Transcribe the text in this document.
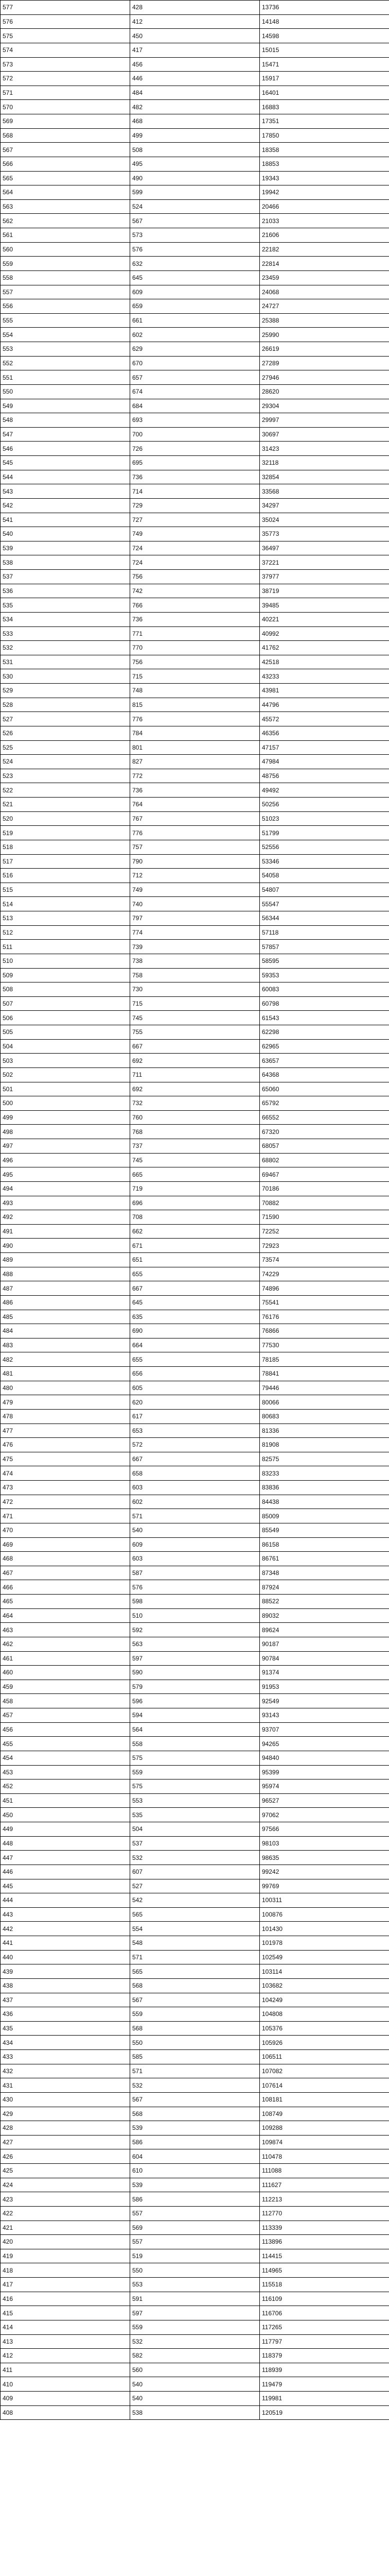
577	428	13736
576	412	14148
575	450	14598
574	417	15015
573	456	15471
572	446	15917
571	484	16401
570	482	16883
569	468	17351
568	499	17850
567	508	18358
566	495	18853
565	490	19343
564	599	19942
563	524	20466
562	567	21033
561	573	21606
560	576	22182
559	632	22814
558	645	23459
557	609	24068
556	659	24727
555	661	25388
554	602	25990
553	629	26619
552	670	27289
551	657	27946
550	674	28620
549	684	29304
548	693	29997
547	700	30697
546	726	31423
545	695	32118
544	736	32854
543	714	33568
542	729	34297
541	727	35024
540	749	35773
539	724	36497
538	724	37221
537	756	37977
536	742	38719
535	766	39485
534	736	40221
533	771	40992
532	770	41762
531	756	42518
530	715	43233
529	748	43981
528	815	44796
527	776	45572
526	784	46356
525	801	47157
524	827	47984
523	772	48756
522	736	49492
521	764	50256
520	767	51023
519	776	51799
518	757	52556
517	790	53346
516	712	54058
515	749	54807
514	740	55547
513	797	56344
512	774	57118
511	739	57857
510	738	58595
509	758	59353
508	730	60083
507	715	60798
506	745	61543
505	755	62298
504	667	62965
503	692	63657
502	711	64368
501	692	65060
500	732	65792
499	760	66552
498	768	67320
497	737	68057
496	745	68802
495	665	69467
494	719	70186
493	696	70882
492	708	71590
491	662	72252
490	671	72923
489	651	73574
488	655	74229
487	667	74896
486	645	75541
485	635	76176
484	690	76866
483	664	77530
482	655	78185
481	656	78841
480	605	79446
479	620	80066
478	617	80683
477	653	81336
476	572	81908
475	667	82575
474	658	83233
473	603	83836
472	602	84438
471	571	85009
470	540	85549
469	609	86158
468	603	86761
467	587	87348
466	576	87924
465	598	88522
464	510	89032
463	592	89624
462	563	90187
461	597	90784
460	590	91374
459	579	91953
458	596	92549
457	594	93143
456	564	93707
455	558	94265
454	575	94840
453	559	95399
452	575	95974
451	553	96527
450	535	97062
449	504	97566
448	537	98103
447	532	98635
446	607	99242
445	527	99769
444	542	100311
443	565	100876
442	554	101430
441	548	101978
440	571	102549
439	565	103114
438	568	103682
437	567	104249
436	559	104808
435	568	105376
434	550	105926
433	585	106511
432	571	107082
431	532	107614
430	567	108181
429	568	108749
428	539	109288
427	586	109874
426	604	110478
425	610	111088
424	539	111627
423	586	112213
422	557	112770
421	569	113339
420	557	113896
419	519	114415
418	550	114965
417	553	115518
416	591	116109
415	597	116706
414	559	117265
413	532	117797
412	582	118379
411	560	118939
410	540	119479
409	540	119981
408	538	120519
